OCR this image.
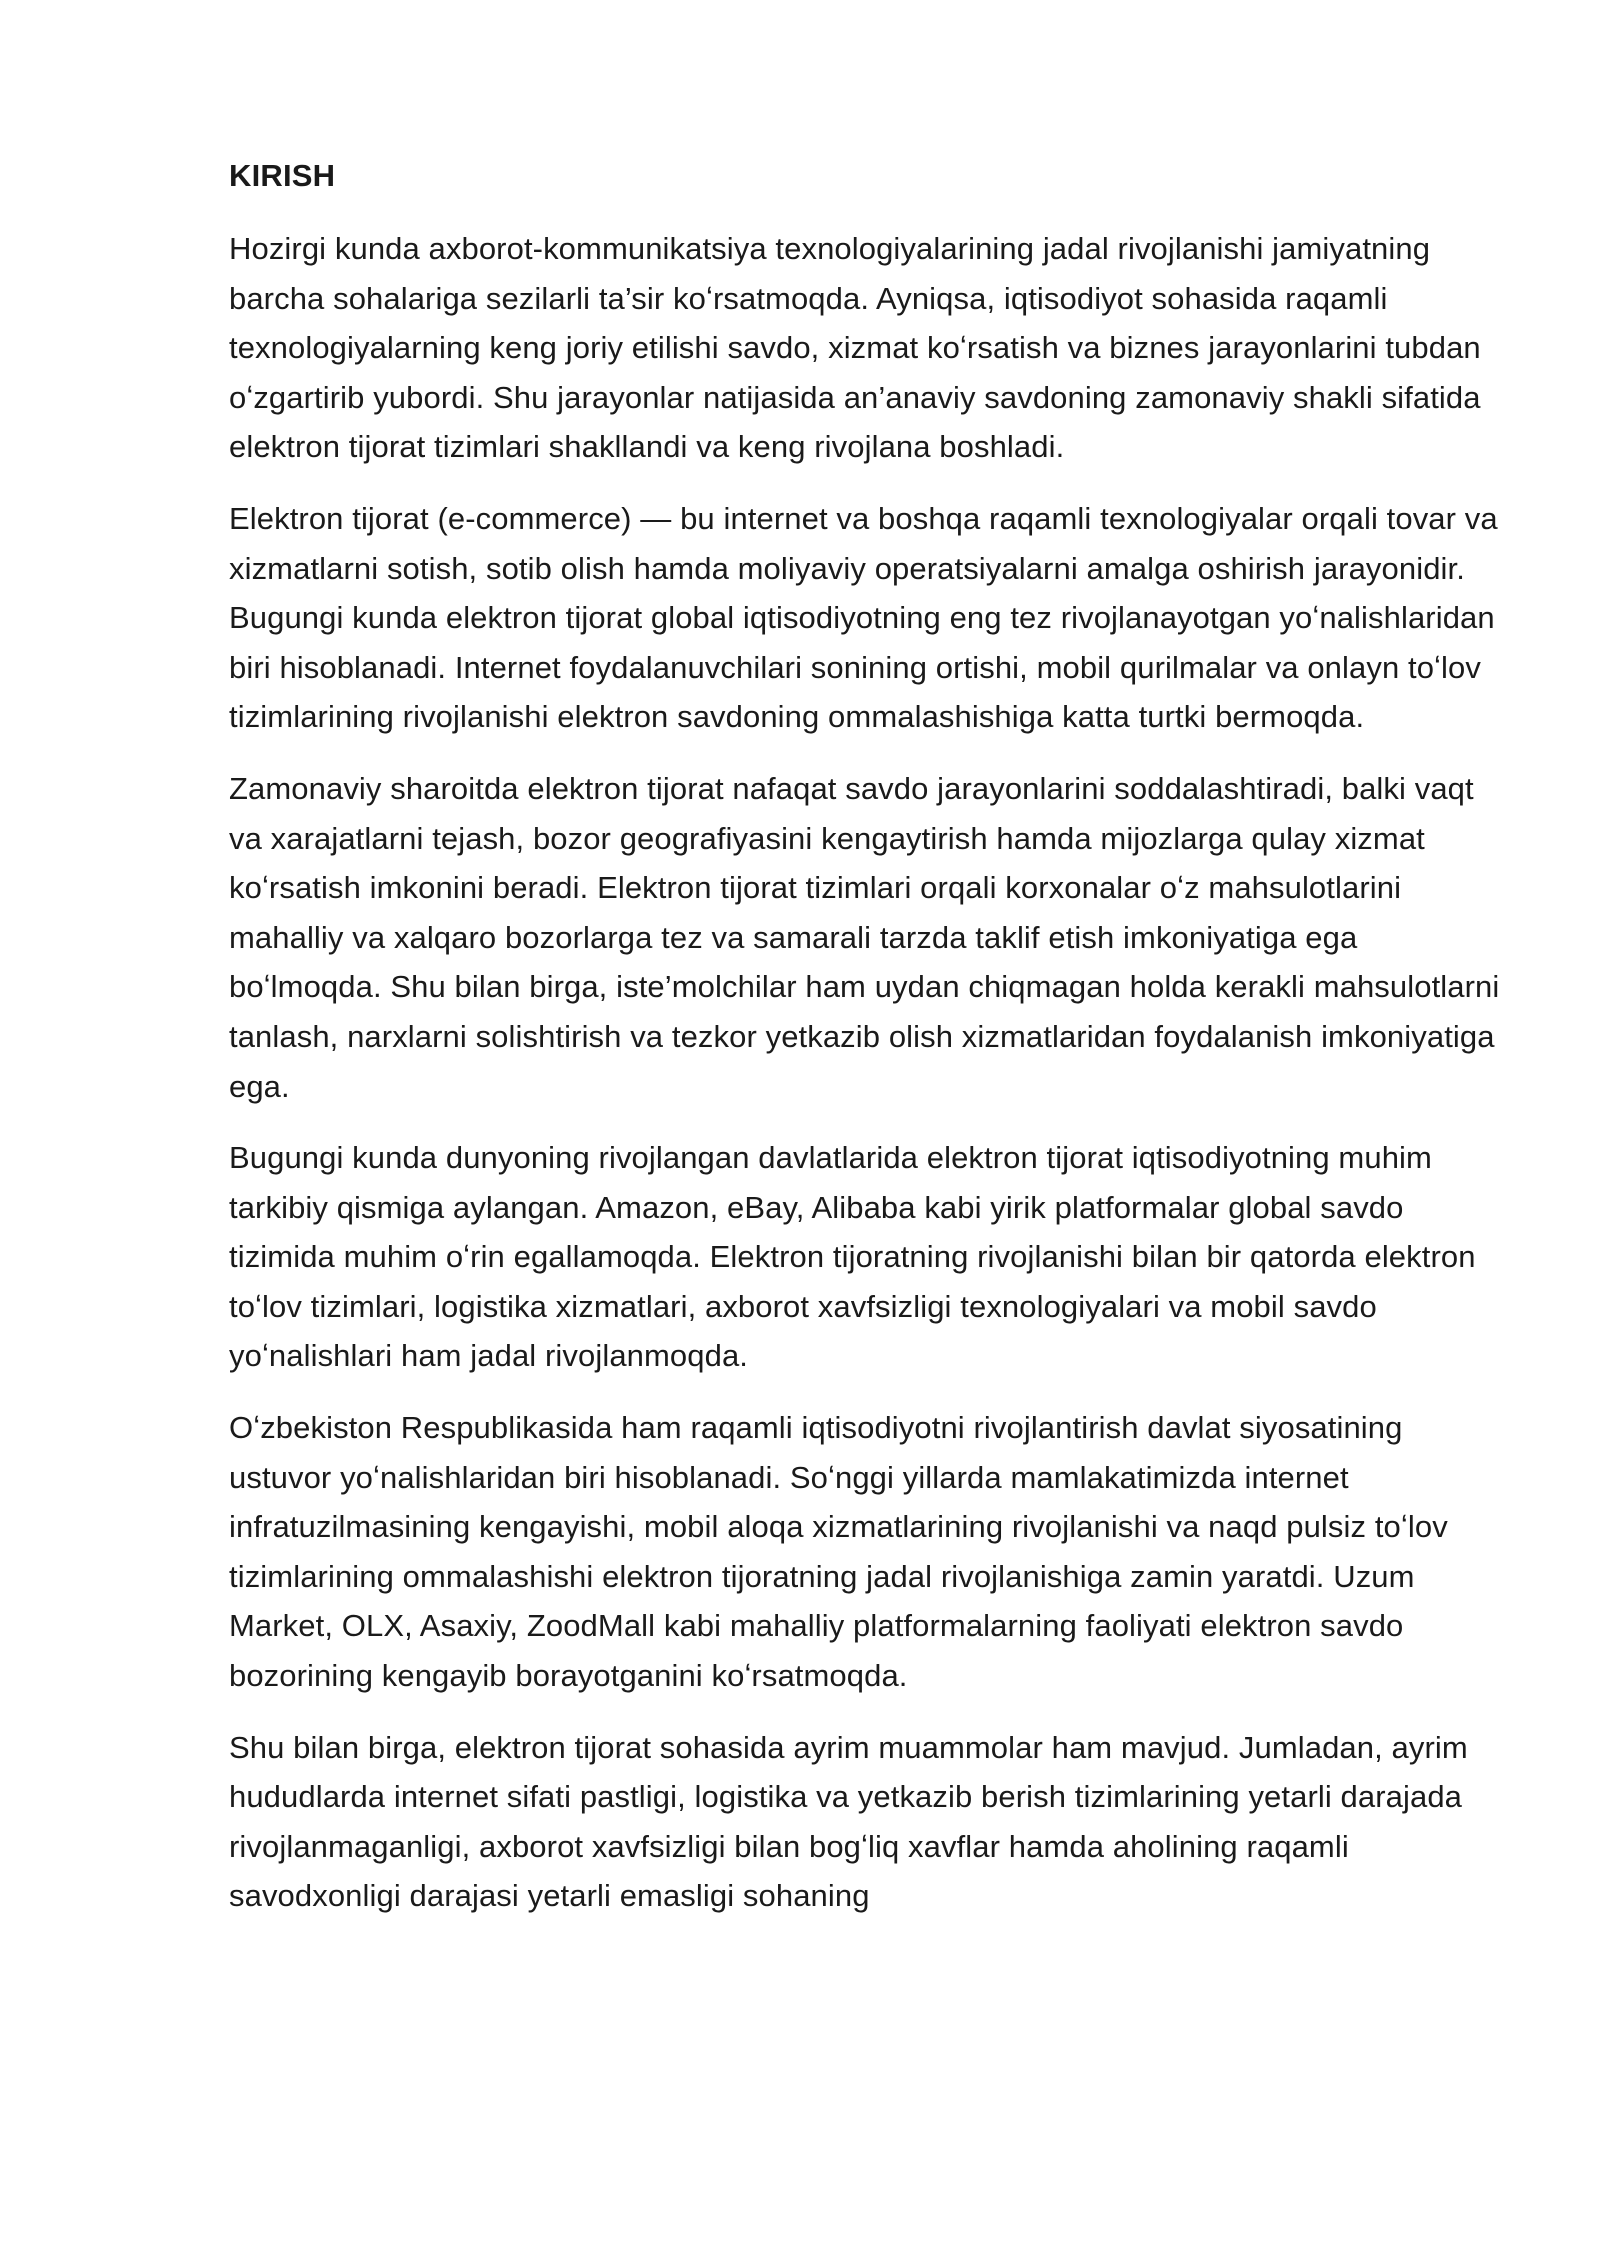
KIRISH

Hozirgi kunda axborot-kommunikatsiya texnologiyalarining jadal rivojlanishi jamiyatning barcha sohalariga sezilarli ta’sir koʻrsatmoqda. Ayniqsa, iqtisodiyot sohasida raqamli texnologiyalarning keng joriy etilishi savdo, xizmat koʻrsatish va biznes jarayonlarini tubdan oʻzgartirib yubordi. Shu jarayonlar natijasida an’anaviy savdoning zamonaviy shakli sifatida elektron tijorat tizimlari shakllandi va keng rivojlana boshladi.

Elektron tijorat (e-commerce) — bu internet va boshqa raqamli texnologiyalar orqali tovar va xizmatlarni sotish, sotib olish hamda moliyaviy operatsiyalarni amalga oshirish jarayonidir. Bugungi kunda elektron tijorat global iqtisodiyotning eng tez rivojlanayotgan yoʻnalishlaridan biri hisoblanadi. Internet foydalanuvchilari sonining ortishi, mobil qurilmalar va onlayn toʻlov tizimlarining rivojlanishi elektron savdoning ommalashishiga katta turtki bermoqda.

Zamonaviy sharoitda elektron tijorat nafaqat savdo jarayonlarini soddalashtiradi, balki vaqt va xarajatlarni tejash, bozor geografiyasini kengaytirish hamda mijozlarga qulay xizmat koʻrsatish imkonini beradi. Elektron tijorat tizimlari orqali korxonalar oʻz mahsulotlarini mahalliy va xalqaro bozorlarga tez va samarali tarzda taklif etish imkoniyatiga ega boʻlmoqda. Shu bilan birga, iste’molchilar ham uydan chiqmagan holda kerakli mahsulotlarni tanlash, narxlarni solishtirish va tezkor yetkazib olish xizmatlaridan foydalanish imkoniyatiga ega.

Bugungi kunda dunyoning rivojlangan davlatlarida elektron tijorat iqtisodiyotning muhim tarkibiy qismiga aylangan. Amazon, eBay, Alibaba kabi yirik platformalar global savdo tizimida muhim oʻrin egallamoqda. Elektron tijoratning rivojlanishi bilan bir qatorda elektron toʻlov tizimlari, logistika xizmatlari, axborot xavfsizligi texnologiyalari va mobil savdo yoʻnalishlari ham jadal rivojlanmoqda.

Oʻzbekiston Respublikasida ham raqamli iqtisodiyotni rivojlantirish davlat siyosatining ustuvor yoʻnalishlaridan biri hisoblanadi. Soʻnggi yillarda mamlakatimizda internet infratuzilmasining kengayishi, mobil aloqa xizmatlarining rivojlanishi va naqd pulsiz toʻlov tizimlarining ommalashishi elektron tijoratning jadal rivojlanishiga zamin yaratdi. Uzum Market, OLX, Asaxiy, ZoodMall kabi mahalliy platformalarning faoliyati elektron savdo bozorining kengayib borayotganini koʻrsatmoqda.

Shu bilan birga, elektron tijorat sohasida ayrim muammolar ham mavjud. Jumladan, ayrim hududlarda internet sifati pastligi, logistika va yetkazib berish tizimlarining yetarli darajada rivojlanmaganligi, axborot xavfsizligi bilan bogʻliq xavflar hamda aholining raqamli savodxonligi darajasi yetarli emasligi sohaning
